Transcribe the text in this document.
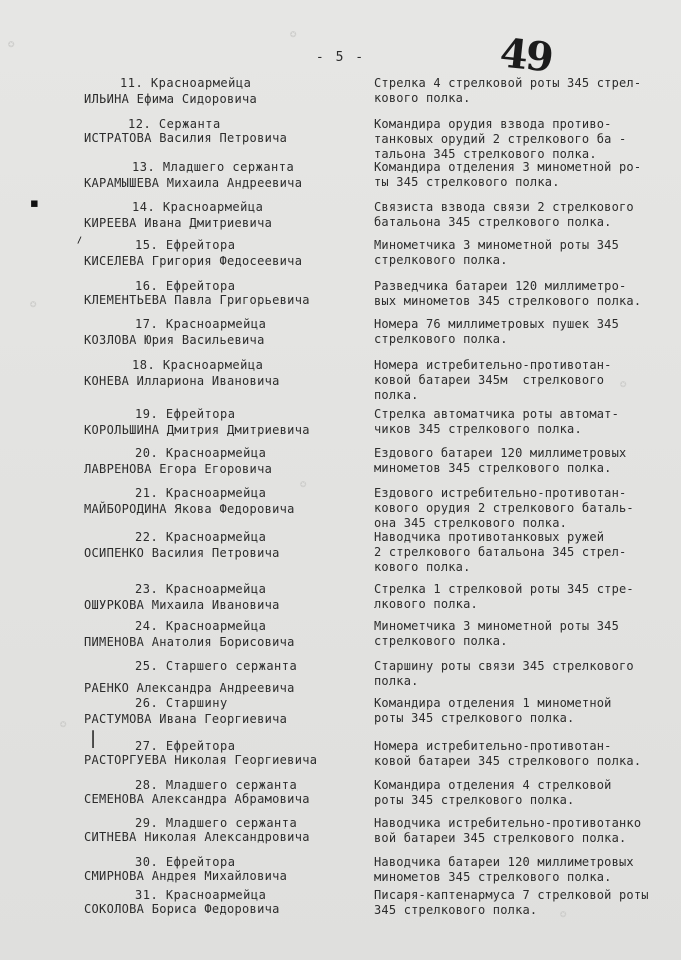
- 5 -	49
✪
✪
✪
✪
✪
✪
✪
▪
⸝
|
11. Красноармейца
ИЛЬИНА Ефима Сидоровича
Стрелка 4 стрелковой роты 345 стрел-
кового полка.
12. Сержанта
ИСТРАТОВА Василия Петровича
Командира орудия взвода противо-
танковых орудий 2 стрелкового ба -
тальона 345 стрелкового полка.
13. Младшего сержанта
КАРАМЫШЕВА Михаила Андреевича
Командира отделения 3 минометной ро-
ты 345 стрелкового полка.
14. Красноармейца
КИРЕЕВА Ивана Дмитриевича
Связиста взвода связи 2 стрелкового
батальона 345 стрелкового полка.
15. Ефрейтора
КИСЕЛЕВА Григория Федосеевича
Минометчика 3 минометной роты 345
стрелкового полка.
16. Ефрейтора
КЛЕМЕНТЬЕВА Павла Григорьевича
Разведчика батареи 120 миллиметро-
вых минометов 345 стрелкового полка.
17. Красноармейца
КОЗЛОВА Юрия Васильевича
Номера 76 миллиметровых пушек 345
стрелкового полка.
18. Красноармейца
КОНЕВА Иллариона Ивановича
Номера истребительно-противотан-
ковой батареи 345м  стрелкового
полка.
19. Ефрейтора
КОРОЛЬШИНА Дмитрия Дмитриевича
Стрелка автоматчика роты автомат-
чиков 345 стрелкового полка.
20. Красноармейца
ЛАВРЕНОВА Егора Егоровича
Ездового батареи 120 миллиметровых
минометов 345 стрелкового полка.
21. Красноармейца
МАЙБОРОДИНА Якова Федоровича
Ездового истребительно-противотан-
кового орудия 2 стрелкового баталь-
она 345 стрелкового полка.
22. Красноармейца
ОСИПЕНКО Василия Петровича
Наводчика противотанковых ружей
2 стрелкового батальона 345 стрел-
кового полка.
23. Красноармейца
ОШУРКОВА Михаила Ивановича
Стрелка 1 стрелковой роты 345 стре-
лкового полка.
24. Красноармейца
ПИМЕНОВА Анатолия Борисовича
Минометчика 3 минометной роты 345
стрелкового полка.
25. Старшего сержанта
РАЕНКО Александра Андреевича
Старшину роты связи 345 стрелкового
полка.
26. Старшину
РАСТУМОВА Ивана Георгиевича
Командира отделения 1 минометной
роты 345 стрелкового полка.
27. Ефрейтора
РАСТОРГУЕВА Николая Георгиевича
Номера истребительно-противотан-
ковой батареи 345 стрелкового полка.
28. Младшего сержанта
СЕМЕНОВА Александра Абрамовича
Командира отделения 4 стрелковой
роты 345 стрелкового полка.
29. Младшего сержанта
СИТНЕВА Николая Александровича
Наводчика истребительно-противотанко
вой батареи 345 стрелкового полка.
30. Ефрейтора
СМИРНОВА Андрея Михайловича
Наводчика батареи 120 миллиметровых
минометов 345 стрелкового полка.
31. Красноармейца
СОКОЛОВА Бориса Федоровича
Писаря-каптенармуса 7 стрелковой роты
345 стрелкового полка.
